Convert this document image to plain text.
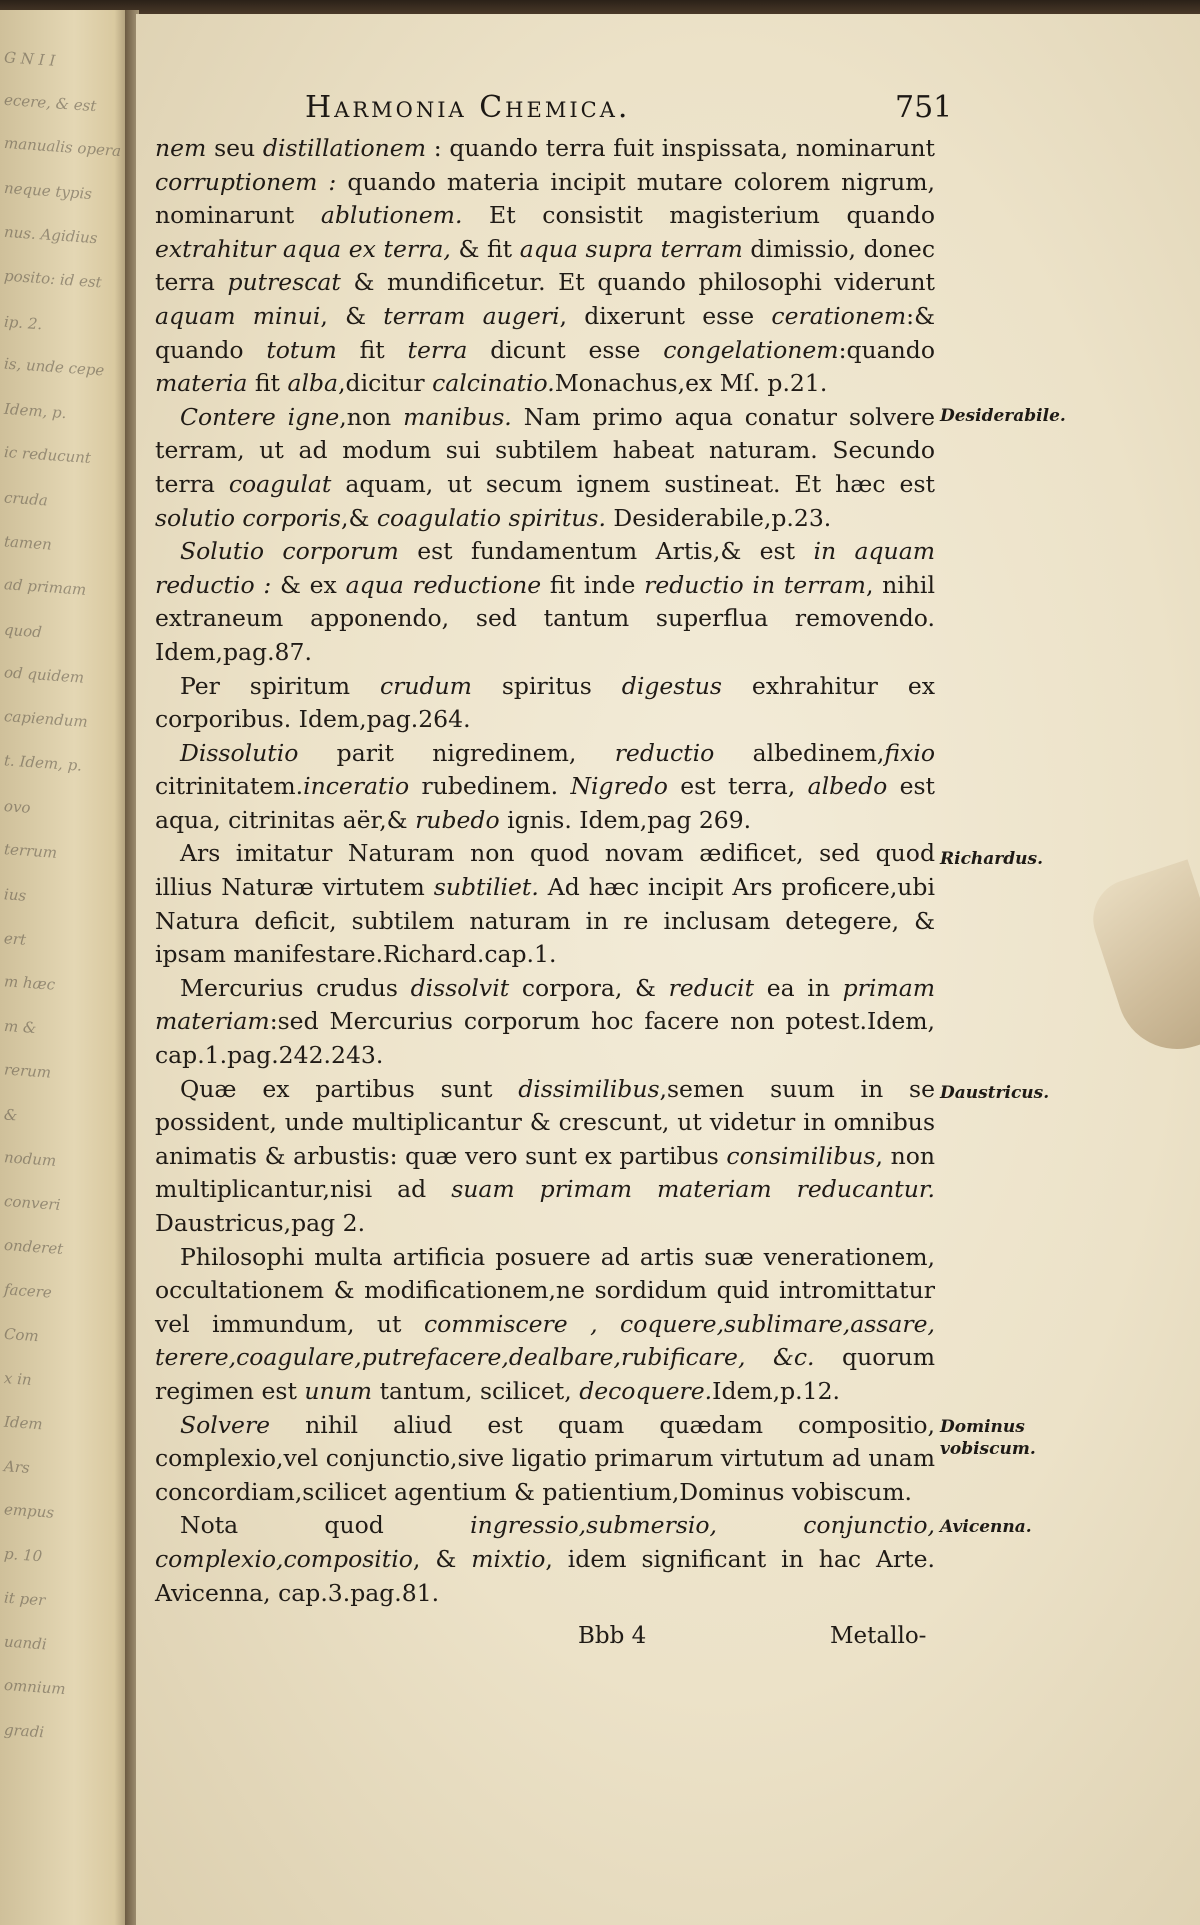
G N I I
ecere, & est
manualis opera
neque typis
nus. Agidius
posito: id est
ip. 2.
is, unde cepe
Idem, p.
ic reducunt
cruda
tamen
ad primam
quod
od quidem
capiendum
t. Idem, p.
ovo
terrum
ius
ert
m hæc
m &
rerum
&
nodum
converi
onderet
facere
Com
x in
Idem
Ars
empus
p. 10
it per
uandi
omnium
gradi
Harmonia Chemica.	751
nem seu distillationem : quando terra fuit inspissata, nominarunt corruptionem : quando materia incipit mutare colorem nigrum, nominarunt ablutionem. Et consistit magisterium quando extrahitur aqua ex terra, & fit aqua supra terram dimissio, donec terra putrescat & mundificetur. Et quando philosophi viderunt aquam minui, & terram augeri, dixerunt esse cerationem:& quando totum fit terra dicunt esse congelationem:quando materia fit alba,dicitur calcinatio.Monachus,ex Mſ. p.21.
Contere igne,non manibus. Nam primo aqua conatur solvere terram, ut ad modum sui subtilem habeat naturam. Secundo terra coagulat aquam, ut secum ignem sustineat. Et hæc est solutio corporis,& coagulatio spiritus. Desiderabile,p.23.
Solutio corporum est fundamentum Artis,& est in aquam reductio : & ex aqua reductione fit inde reductio in terram, nihil extraneum apponendo, sed tantum superflua removendo. Idem,pag.87.
Per spiritum crudum spiritus digestus exhrahitur ex corporibus. Idem,pag.264.
Dissolutio parit nigredinem, reductio albedinem,fixio citrinitatem.inceratio rubedinem. Nigredo est terra, albedo est aqua, citrinitas aër,& rubedo ignis. Idem,pag 269.
Ars imitatur Naturam non quod novam ædificet, sed quod illius Naturæ virtutem subtiliet. Ad hæc incipit Ars proficere,ubi Natura deficit, subtilem naturam in re inclusam detegere, & ipsam manifestare.Richard.cap.1.
Mercurius crudus dissolvit corpora, & reducit ea in primam materiam:sed Mercurius corporum hoc facere non potest.Idem, cap.1.pag.242.243.
Quæ ex partibus sunt dissimilibus,semen suum in se possident, unde multiplicantur & crescunt, ut videtur in omnibus animatis & arbustis: quæ vero sunt ex partibus consimilibus, non multiplicantur,nisi ad suam primam materiam reducantur. Daustricus,pag 2.
Philosophi multa artificia posuere ad artis suæ venerationem, occultationem & modificationem,ne sordidum quid intromittatur vel immundum, ut commiscere , coquere,sublimare,assare, terere,coagulare,putrefacere,dealbare,rubificare, &c. quorum regimen est unum tantum, scilicet, decoquere.Idem,p.12.
Solvere nihil aliud est quam quædam compositio, complexio,vel conjunctio,sive ligatio primarum virtutum ad unam concordiam,scilicet agentium & patientium,Dominus vobiscum.
Nota quod ingressio,submersio, conjunctio, complexio,compositio, & mixtio, idem significant in hac Arte. Avicenna, cap.3.pag.81.
Desiderabile.
Richardus.
Daustricus.
Dominus vobiscum.
Avicenna.
Bbb 4	Metallo-
